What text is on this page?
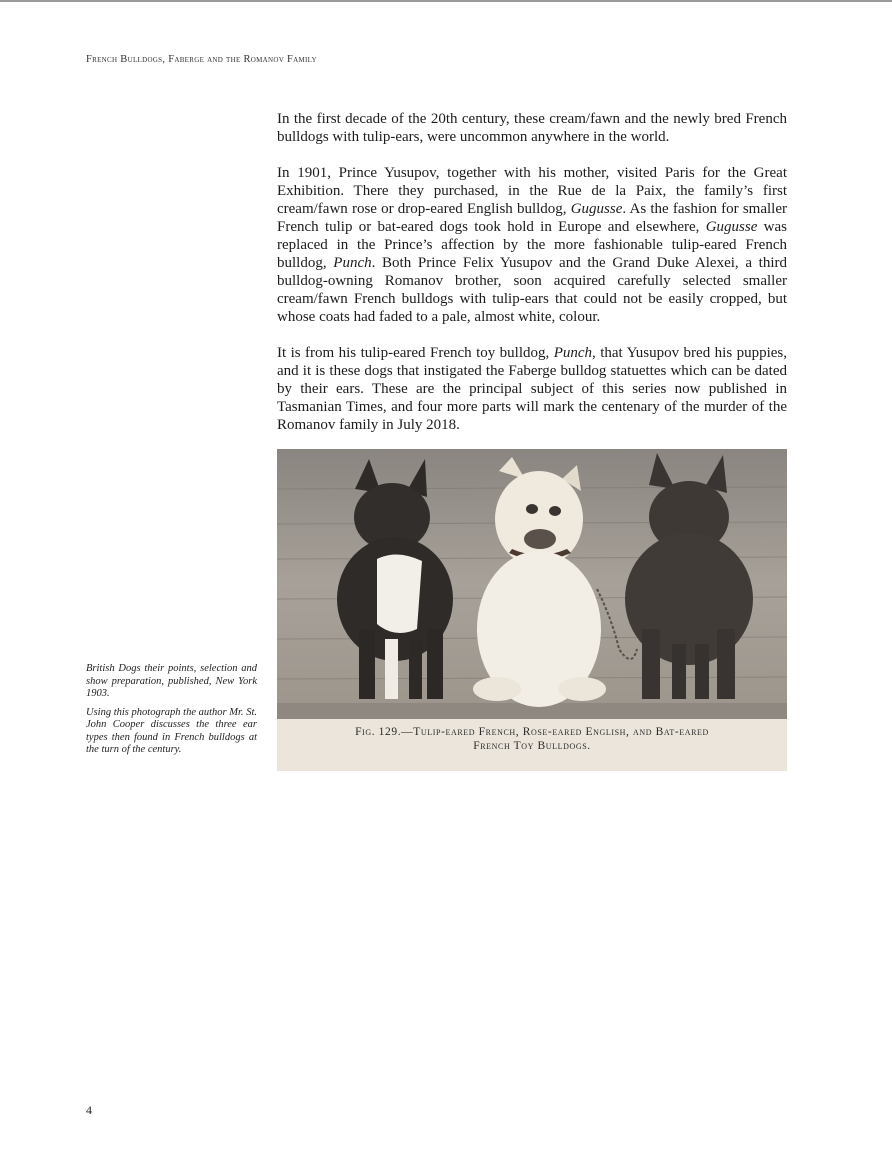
French Bulldogs, Faberge and the Romanov Family

In the first decade of the 20th century, these cream/fawn and the newly bred French bulldogs with tulip-ears, were uncommon anywhere in the world.

In 1901, Prince Yusupov, together with his mother, visited Paris for the Great Exhibition. There they purchased, in the Rue de la Paix, the family’s first cream/fawn rose or drop-eared English bulldog, Gugusse. As the fashion for smaller French tulip or bat-eared dogs took hold in Europe and elsewhere, Gugusse was replaced in the Prince’s affection by the more fashionable tulip-eared French bulldog, Punch. Both Prince Felix Yusupov and the Grand Duke Alexei, a third bulldog-owning Romanov brother, soon acquired carefully selected smaller cream/fawn French bulldogs with tulip-ears that could not be easily cropped, but whose coats had faded to a pale, almost white, colour.

It is from his tulip-eared French toy bulldog, Punch, that Yusupov bred his puppies, and it is these dogs that instigated the Faberge bulldog statuettes which can be dated by their ears. These are the principal subject of this series now published in Tasmanian Times, and four more parts will mark the centenary of the murder of the Romanov family in July 2018.

Fig. 129.—Tulip-eared French, Rose-eared English, and Bat-eared
French Toy Bulldogs.

British Dogs their points, selection and show preparation, published, New York 1903.

Using this photograph the author Mr. St. John Cooper discusses the three ear types then found in French bulldogs at the turn of the century.

4
